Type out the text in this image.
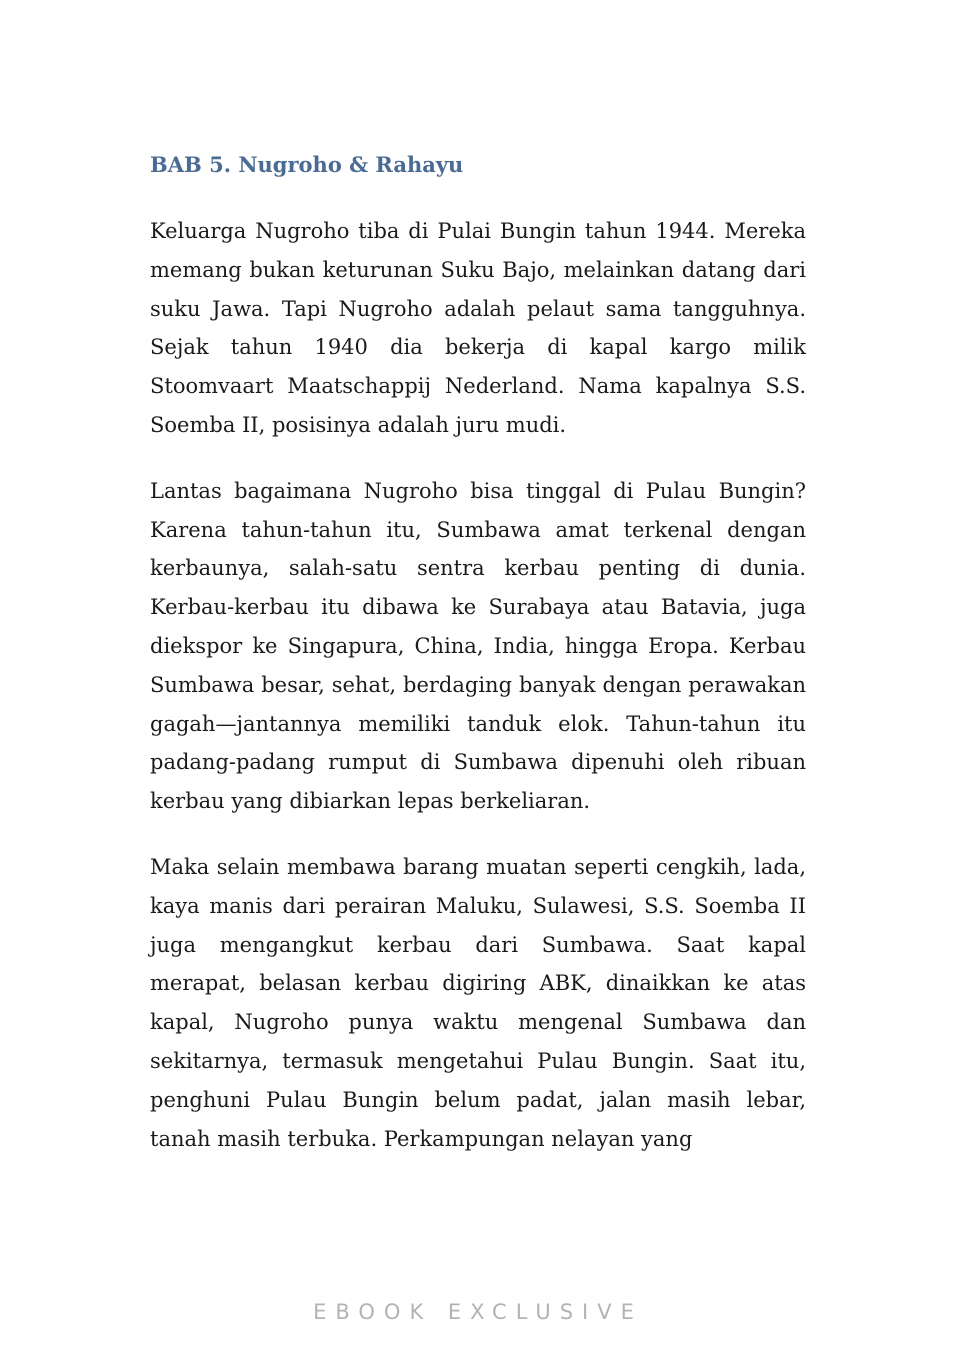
BAB 5. Nugroho & Rahayu

Keluarga Nugroho tiba di Pulai Bungin tahun 1944. Mereka memang bukan keturunan Suku Bajo, melainkan datang dari suku Jawa. Tapi Nugroho adalah pelaut sama tangguhnya. Sejak tahun 1940 dia bekerja di kapal kargo milik Stoomvaart Maatschappij Nederland. Nama kapalnya S.S. Soemba II, posisinya adalah juru mudi.

Lantas bagaimana Nugroho bisa tinggal di Pulau Bungin? Karena tahun-tahun itu, Sumbawa amat terkenal dengan kerbaunya, salah-satu sentra kerbau penting di dunia. Kerbau-kerbau itu dibawa ke Surabaya atau Batavia, juga diekspor ke Singapura, China, India, hingga Eropa. Kerbau Sumbawa besar, sehat, berdaging banyak dengan perawakan gagah—jantannya memiliki tanduk elok. Tahun-tahun itu padang-padang rumput di Sumbawa dipenuhi oleh ribuan kerbau yang dibiarkan lepas berkeliaran.

Maka selain membawa barang muatan seperti cengkih, lada, kaya manis dari perairan Maluku, Sulawesi, S.S. Soemba II juga mengangkut kerbau dari Sumbawa. Saat kapal merapat, belasan kerbau digiring ABK, dinaikkan ke atas kapal, Nugroho punya waktu mengenal Sumbawa dan sekitarnya, termasuk mengetahui Pulau Bungin. Saat itu, penghuni Pulau Bungin belum padat, jalan masih lebar, tanah masih terbuka. Perkampungan nelayan yang

EBOOK EXCLUSIVE
